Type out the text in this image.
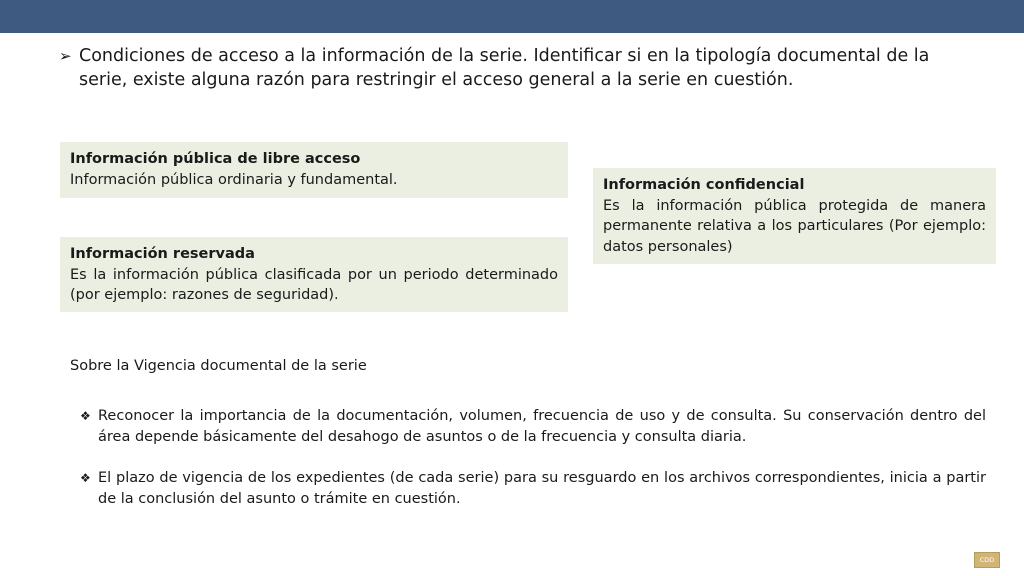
➢ Condiciones de acceso a la información de la serie. Identificar si en la tipología documental de la serie, existe alguna razón para restringir el acceso general a la serie en cuestión.
Información pública de libre acceso
Información pública ordinaria y fundamental.
Información reservada
Es la información pública clasificada por un periodo determinado (por ejemplo: razones de seguridad).
Información confidencial
Es la información pública protegida de manera permanente relativa a los particulares (Por ejemplo: datos personales)
Sobre la Vigencia documental de la serie
❖ Reconocer la importancia de la documentación, volumen, frecuencia de uso y de consulta. Su conservación dentro del área depende básicamente del desahogo de asuntos o de la frecuencia y consulta diaria.
❖ El plazo de vigencia de los expedientes (de cada serie) para su resguardo en los archivos correspondientes, inicia a partir de la conclusión del asunto o trámite en cuestión.
CDD
